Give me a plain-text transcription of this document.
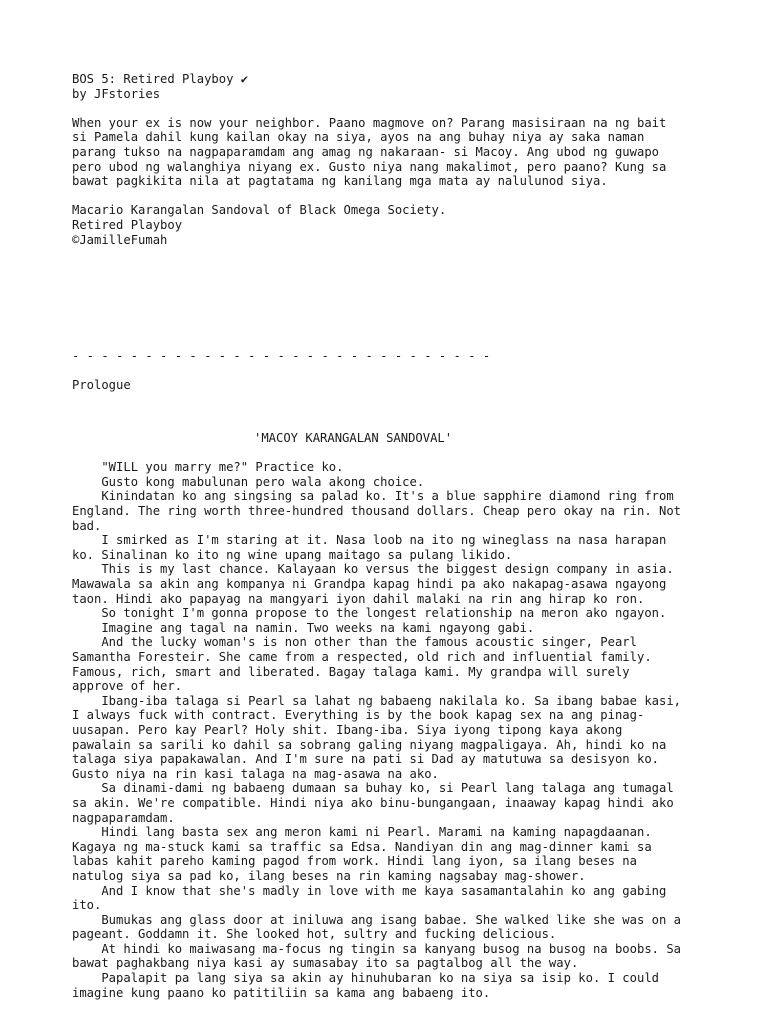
BOS 5: Retired Playboy ✔
by JFstories
When your ex is now your neighbor. Paano magmove on? Parang masisiraan na ng bait
si Pamela dahil kung kailan okay na siya, ayos na ang buhay niya ay saka naman
parang tukso na nagpaparamdam ang amag ng nakaraan- si Macoy. Ang ubod ng guwapo
pero ubod ng walanghiya niyang ex. Gusto niya nang makalimot, pero paano? Kung sa
bawat pagkikita nila at pagtatama ng kanilang mga mata ay nalulunod siya.
Macario Karangalan Sandoval of Black Omega Society.
Retired Playboy
©JamilleFumah
- - - - - - - - - - - - - - - - - - - - - - - - - - - - -
Prologue
'MACOY KARANGALAN SANDOVAL'
"WILL you marry me?" Practice ko.
Gusto kong mabulunan pero wala akong choice.
Kinindatan ko ang singsing sa palad ko. It's a blue sapphire diamond ring from
England. The ring worth three-hundred thousand dollars. Cheap pero okay na rin. Not
bad.
I smirked as I'm staring at it. Nasa loob na ito ng wineglass na nasa harapan
ko. Sinalinan ko ito ng wine upang maitago sa pulang likido.
This is my last chance. Kalayaan ko versus the biggest design company in asia.
Mawawala sa akin ang kompanya ni Grandpa kapag hindi pa ako nakapag-asawa ngayong
taon. Hindi ako papayag na mangyari iyon dahil malaki na rin ang hirap ko ron.
So tonight I'm gonna propose to the longest relationship na meron ako ngayon.
Imagine ang tagal na namin. Two weeks na kami ngayong gabi.
And the lucky woman's is non other than the famous acoustic singer, Pearl
Samantha Foresteir. She came from a respected, old rich and influential family.
Famous, rich, smart and liberated. Bagay talaga kami. My grandpa will surely
approve of her.
Ibang-iba talaga si Pearl sa lahat ng babaeng nakilala ko. Sa ibang babae kasi,
I always fuck with contract. Everything is by the book kapag sex na ang pinag-
uusapan. Pero kay Pearl? Holy shit. Ibang-iba. Siya iyong tipong kaya akong
pawalain sa sarili ko dahil sa sobrang galing niyang magpaligaya. Ah, hindi ko na
talaga siya papakawalan. And I'm sure na pati si Dad ay matutuwa sa desisyon ko.
Gusto niya na rin kasi talaga na mag-asawa na ako.
Sa dinami-dami ng babaeng dumaan sa buhay ko, si Pearl lang talaga ang tumagal
sa akin. We're compatible. Hindi niya ako binu-bungangaan, inaaway kapag hindi ako
nagpaparamdam.
Hindi lang basta sex ang meron kami ni Pearl. Marami na kaming napagdaanan.
Kagaya ng ma-stuck kami sa traffic sa Edsa. Nandiyan din ang mag-dinner kami sa
labas kahit pareho kaming pagod from work. Hindi lang iyon, sa ilang beses na
natulog siya sa pad ko, ilang beses na rin kaming nagsabay mag-shower.
And I know that she's madly in love with me kaya sasamantalahin ko ang gabing
ito.
Bumukas ang glass door at iniluwa ang isang babae. She walked like she was on a
pageant. Goddamn it. She looked hot, sultry and fucking delicious.
At hindi ko maiwasang ma-focus ng tingin sa kanyang busog na busog na boobs. Sa
bawat paghakbang niya kasi ay sumasabay ito sa pagtalbog all the way.
Papalapit pa lang siya sa akin ay hinuhubaran ko na siya sa isip ko. I could
imagine kung paano ko patitiliin sa kama ang babaeng ito.
